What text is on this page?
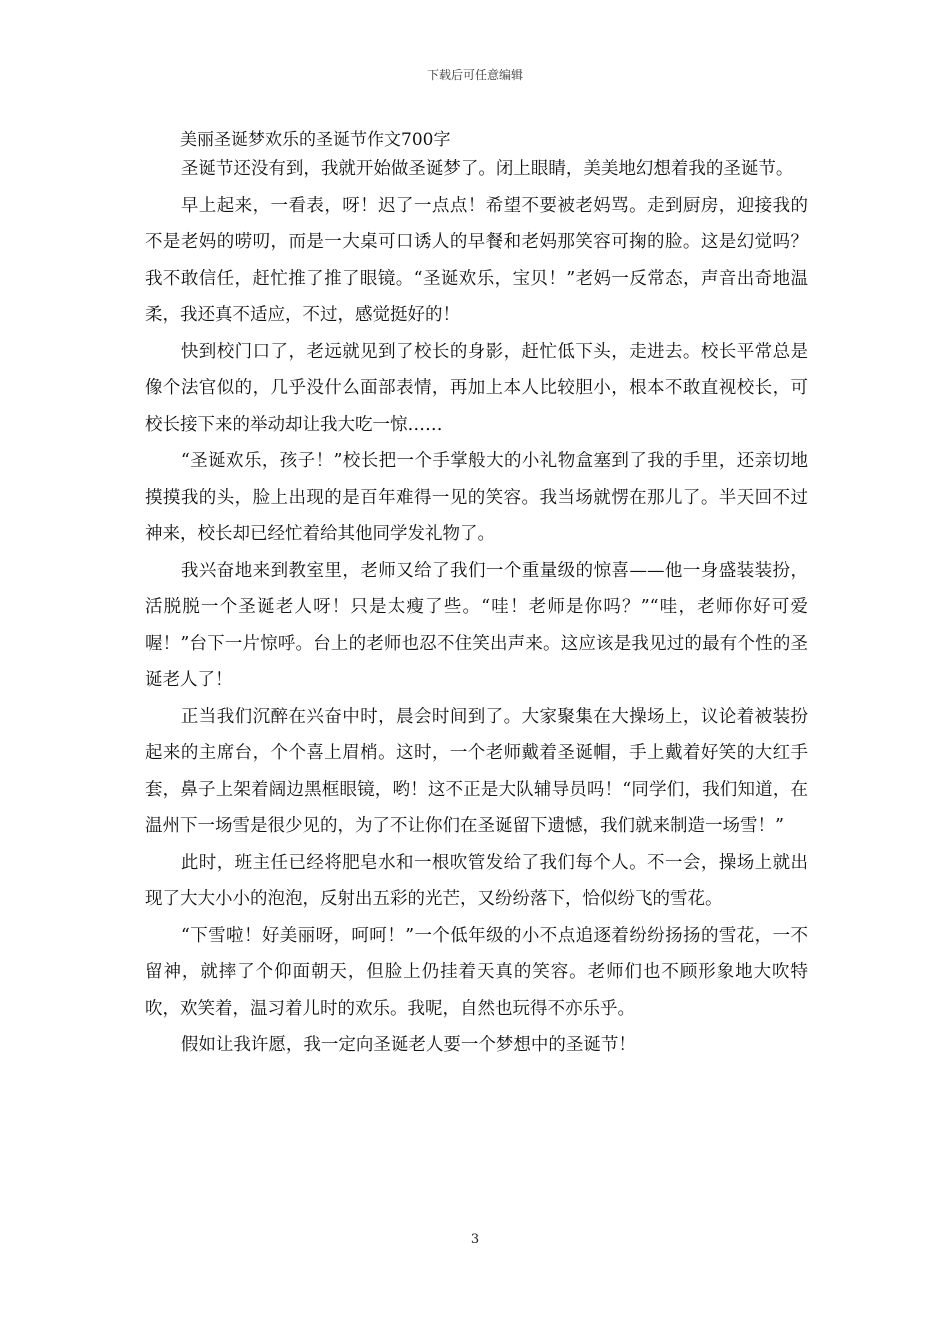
下载后可任意编辑
美丽圣诞梦欢乐的圣诞节作文700字

圣诞节还没有到，我就开始做圣诞梦了。闭上眼睛，美美地幻想着我的圣诞节。

早上起来，一看表，呀！迟了一点点！希望不要被老妈骂。走到厨房，迎接我的不是老妈的唠叨，而是一大桌可口诱人的早餐和老妈那笑容可掬的脸。这是幻觉吗？我不敢信任，赶忙推了推了眼镜。“圣诞欢乐，宝贝！”老妈一反常态，声音出奇地温柔，我还真不适应，不过，感觉挺好的！

快到校门口了，老远就见到了校长的身影，赶忙低下头，走进去。校长平常总是像个法官似的，几乎没什么面部表情，再加上本人比较胆小，根本不敢直视校长，可校长接下来的举动却让我大吃一惊……

“圣诞欢乐，孩子！”校长把一个手掌般大的小礼物盒塞到了我的手里，还亲切地摸摸我的头，脸上出现的是百年难得一见的笑容。我当场就愣在那儿了。半天回不过神来，校长却已经忙着给其他同学发礼物了。

我兴奋地来到教室里，老师又给了我们一个重量级的惊喜——他一身盛装装扮，活脱脱一个圣诞老人呀！只是太瘦了些。“哇！老师是你吗？”“哇，老师你好可爱喔！”台下一片惊呼。台上的老师也忍不住笑出声来。这应该是我见过的最有个性的圣诞老人了！

正当我们沉醉在兴奋中时，晨会时间到了。大家聚集在大操场上，议论着被装扮起来的主席台，个个喜上眉梢。这时，一个老师戴着圣诞帽，手上戴着好笑的大红手套，鼻子上架着阔边黑框眼镜，哟！这不正是大队辅导员吗！“同学们，我们知道，在温州下一场雪是很少见的，为了不让你们在圣诞留下遗憾，我们就来制造一场雪！”

此时，班主任已经将肥皂水和一根吹管发给了我们每个人。不一会，操场上就出现了大大小小的泡泡，反射出五彩的光芒，又纷纷落下，恰似纷飞的雪花。

“下雪啦！好美丽呀，呵呵！”一个低年级的小不点追逐着纷纷扬扬的雪花，一不留神，就摔了个仰面朝天，但脸上仍挂着天真的笑容。老师们也不顾形象地大吹特吹，欢笑着，温习着儿时的欢乐。我呢，自然也玩得不亦乐乎。

假如让我许愿，我一定向圣诞老人要一个梦想中的圣诞节！

3
